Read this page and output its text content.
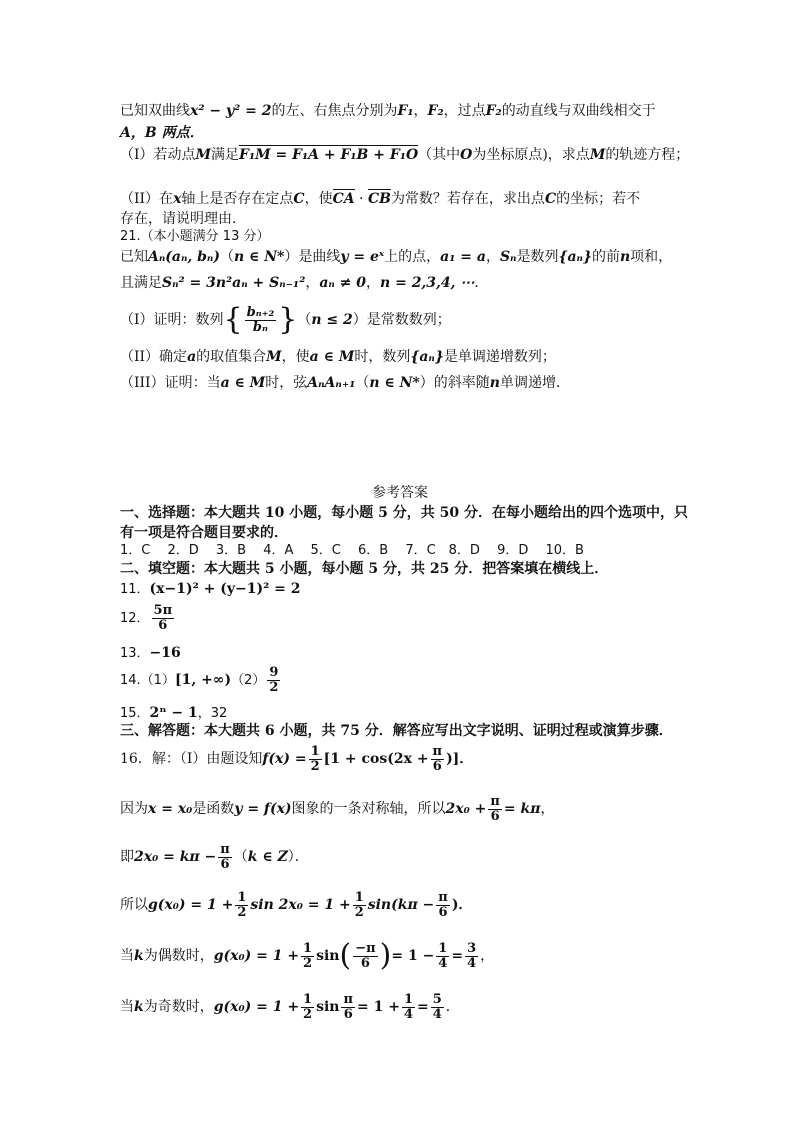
已知双曲线x² − y² = 2的左、右焦点分别为F₁，F₂，过点F₂的动直线与双曲线相交于
A，B 两点．
（I）若动点M满足F₁M = F₁A + F₁B + F₁O（其中O为坐标原点)，求点M的轨迹方程；
（II）在x轴上是否存在定点C，使CA · CB为常数？若存在，求出点C的坐标；若不
存在，请说明理由．
21.（本小题满分 13 分）
已知Aₙ(aₙ, bₙ)（n ∈ N*）是曲线y = eˣ上的点，a₁ = a，Sₙ是数列{aₙ}的前n项和，
且满足Sₙ² = 3n²aₙ + Sₙ₋₁²，aₙ ≠ 0，n = 2,3,4, ⋯．
（I）证明：数列{ $\frac{\text{bₙ₊₂}}{\text{bₙ}} \}(n \le 2)$是常数数列；
（II）确定a的取值集合M，使a ∈ M时，数列{aₙ}是单调递增数列；
（III）证明：当a ∈ M时，弦AₙAₙ₊₁（n ∈ N*）的斜率随n单调递增．
参考答案
一、选择题：本大题共 10 小题，每小题 5 分，共 50 分．在每小题给出的四个选项中，只
有一项是符合题目要求的．
1．C　 2．D　 3．B　 4．A　 5．C　 6．B　 7．C　8．D　 9．D　 10．B
二、填空题：本大题共 5 小题，每小题 5 分，共 25 分．把答案填在横线上．
11．(x−1)² + (y−1)² = 2
12． $\frac{5\pi}{6}$
13．−16
14.（1）[1, $+\infty)(2) \frac{9}{2}$
15．2ⁿ − 1，32
三、解答题：本大题共 6 小题，共 75 分．解答应写出文字说明、证明过程或演算步骤．
16．解：（I）由题设知$f(x) = \frac{1}{2} [1 + \cos(2x + \frac{\pi}{6}$ )]．
因为x = x₀是函数y = f(x)图象的一条对称轴，所以$2x_0 + \frac{\pi}{6} = k\pi$，
即$2x_0 = k\pi - \frac{\pi}{6} (k$ ∈ Z）．
所以$g(x_0) = 1 + \frac{1}{2}$ $\sin 2x_0 = 1 + \frac{1}{2} \sin(k\pi - \frac{\pi}{6}$ )．
当k为偶数时，$g(x_0) = 1 + \frac{1}{2} \sin( \frac{-\pi}{6}$ )= $1 - \frac{1}{4} = \frac{3}{4}$ ，
当k为奇数时，$g(x_0) = 1 + \frac{1}{2}$ $\sin \frac{\pi}{6} = 1 + \frac{1}{4} = \frac{5}{4}$ ．
